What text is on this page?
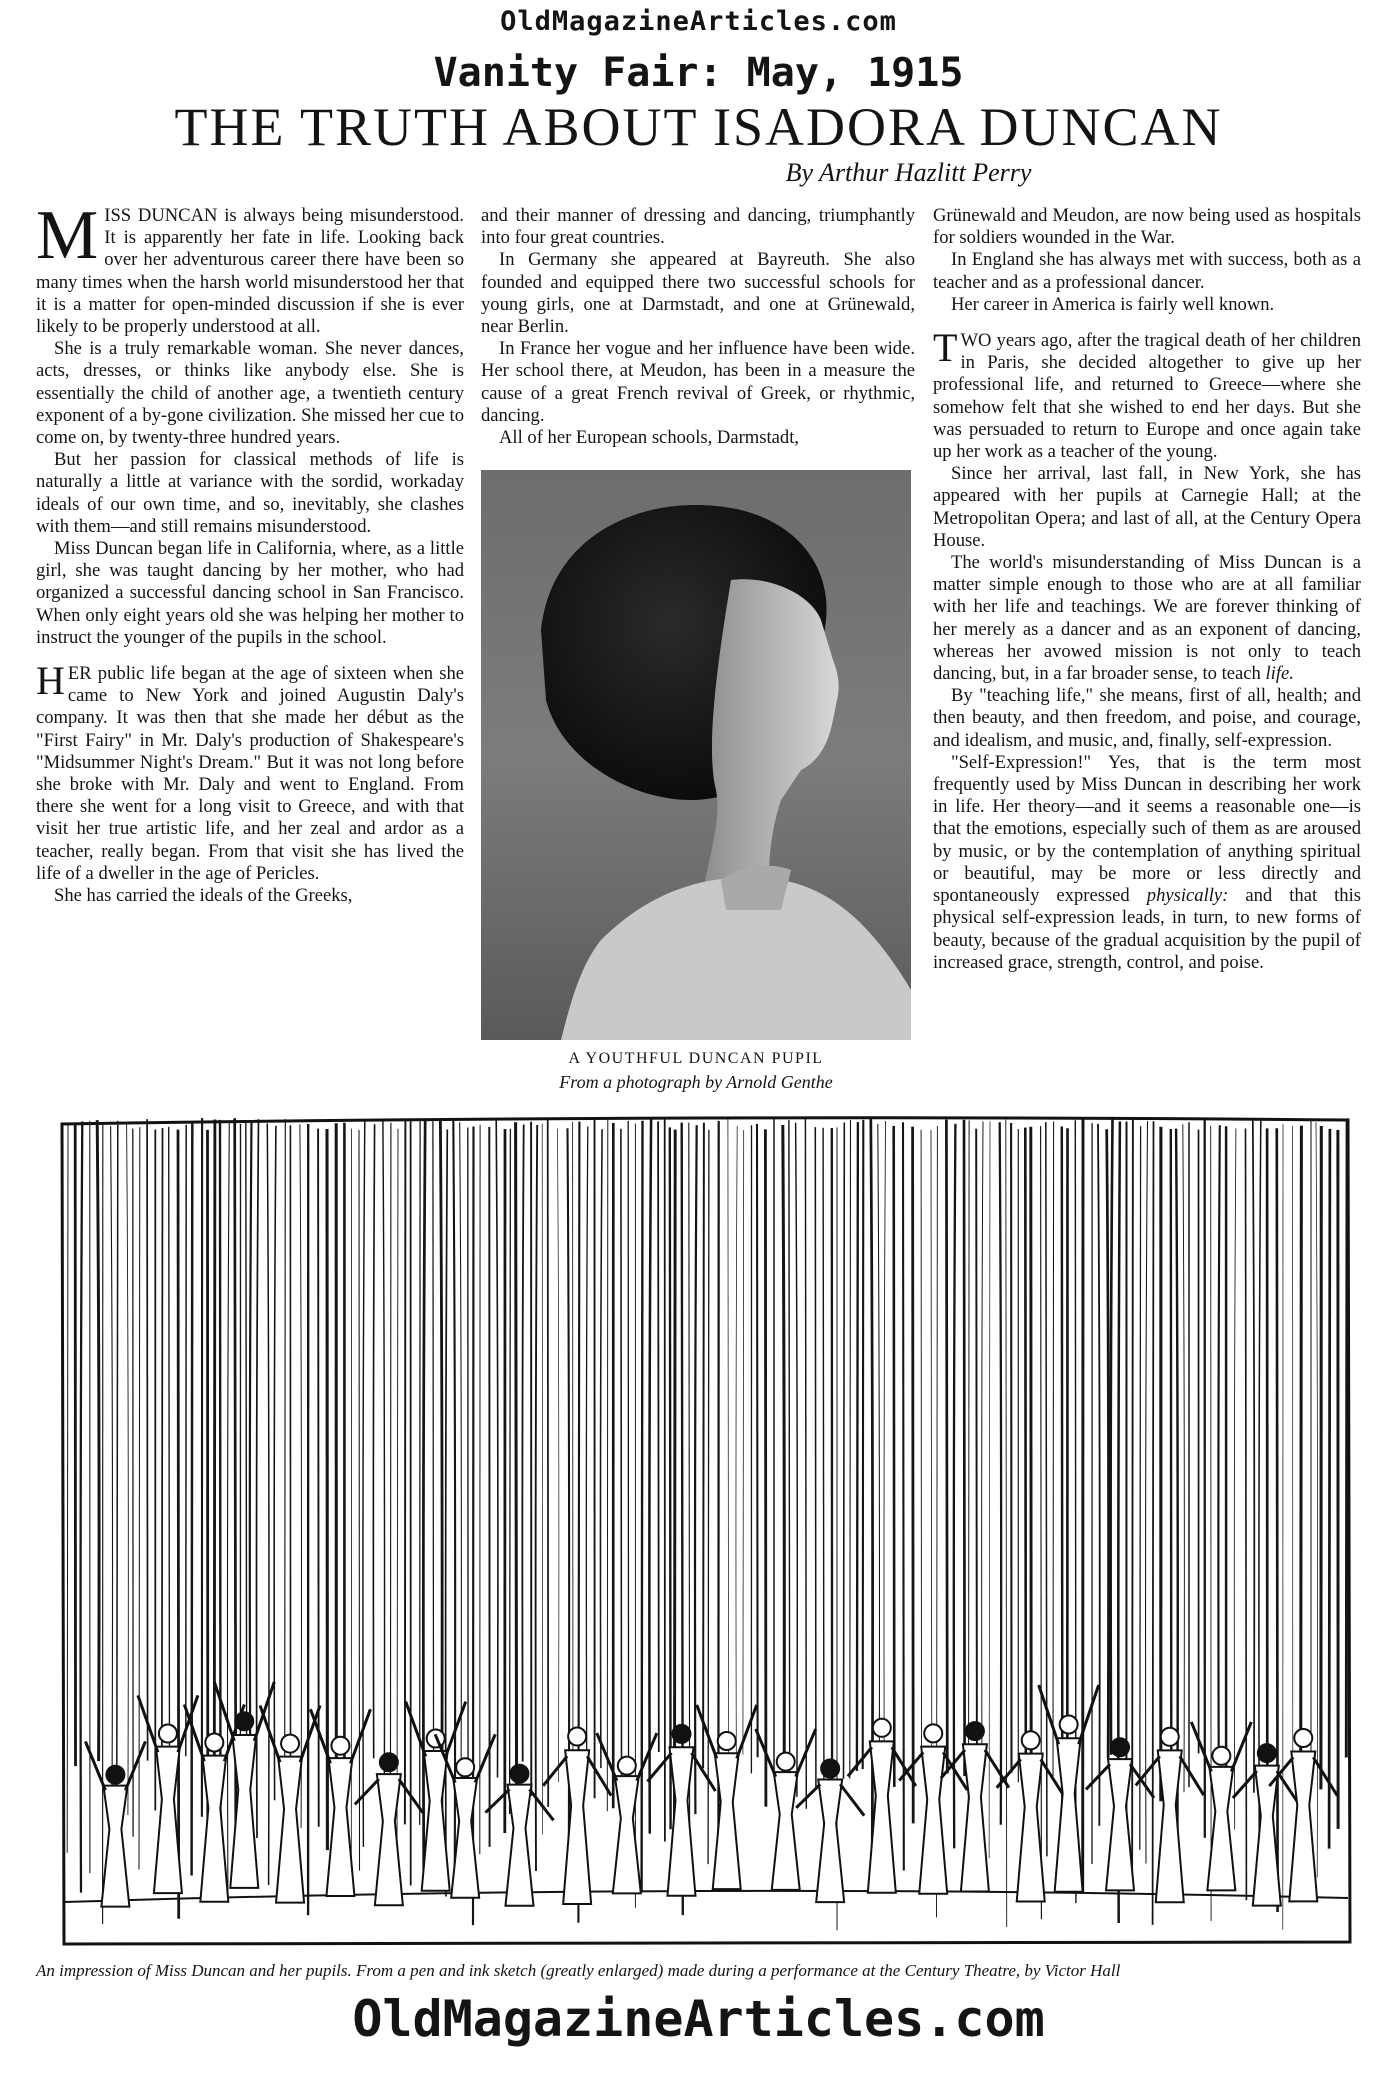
OldMagazineArticles.com
Vanity Fair: May, 1915
THE TRUTH ABOUT ISADORA DUNCAN
By Arthur Hazlitt Perry

MISS DUNCAN is always being misunderstood. It is apparently her fate in life. Looking back over her adventurous career there have been so many times when the harsh world misunderstood her that it is a matter for open-minded discussion if she is ever likely to be properly understood at all.

She is a truly remarkable woman. She never dances, acts, dresses, or thinks like anybody else. She is essentially the child of another age, a twentieth century exponent of a by-gone civilization. She missed her cue to come on, by twenty-three hundred years.

But her passion for classical methods of life is naturally a little at variance with the sordid, workaday ideals of our own time, and so, inevitably, she clashes with them—and still remains misunderstood.

Miss Duncan began life in California, where, as a little girl, she was taught dancing by her mother, who had organized a successful dancing school in San Francisco. When only eight years old she was helping her mother to instruct the younger of the pupils in the school.

HER public life began at the age of sixteen when she came to New York and joined Augustin Daly's company. It was then that she made her début as the "First Fairy" in Mr. Daly's production of Shakespeare's "Midsummer Night's Dream." But it was not long before she broke with Mr. Daly and went to England. From there she went for a long visit to Greece, and with that visit her true artistic life, and her zeal and ardor as a teacher, really began. From that visit she has lived the life of a dweller in the age of Pericles.

She has carried the ideals of the Greeks,

and their manner of dressing and dancing, triumphantly into four great countries.

In Germany she appeared at Bayreuth. She also founded and equipped there two successful schools for young girls, one at Darmstadt, and one at Grünewald, near Berlin.

In France her vogue and her influence have been wide. Her school there, at Meudon, has been in a measure the cause of a great French revival of Greek, or rhythmic, dancing.

All of her European schools, Darmstadt,

A YOUTHFUL DUNCAN PUPIL
From a photograph by Arnold Genthe

Grünewald and Meudon, are now being used as hospitals for soldiers wounded in the War.

In England she has always met with success, both as a teacher and as a professional dancer.

Her career in America is fairly well known.

TWO years ago, after the tragical death of her children in Paris, she decided altogether to give up her professional life, and returned to Greece—where she somehow felt that she wished to end her days. But she was persuaded to return to Europe and once again take up her work as a teacher of the young.

Since her arrival, last fall, in New York, she has appeared with her pupils at Carnegie Hall; at the Metropolitan Opera; and last of all, at the Century Opera House.

The world's misunderstanding of Miss Duncan is a matter simple enough to those who are at all familiar with her life and teachings. We are forever thinking of her merely as a dancer and as an exponent of dancing, whereas her avowed mission is not only to teach dancing, but, in a far broader sense, to teach life.

By "teaching life," she means, first of all, health; and then beauty, and then freedom, and poise, and courage, and idealism, and music, and, finally, self-expression.

"Self-Expression!" Yes, that is the term most frequently used by Miss Duncan in describing her work in life. Her theory—and it seems a reasonable one—is that the emotions, especially such of them as are aroused by music, or by the contemplation of anything spiritual or beautiful, may be more or less directly and spontaneously expressed physically: and that this physical self-expression leads, in turn, to new forms of beauty, because of the gradual acquisition by the pupil of increased grace, strength, control, and poise.

An impression of Miss Duncan and her pupils. From a pen and ink sketch (greatly enlarged) made during a performance at the Century Theatre, by Victor Hall
OldMagazineArticles.com
